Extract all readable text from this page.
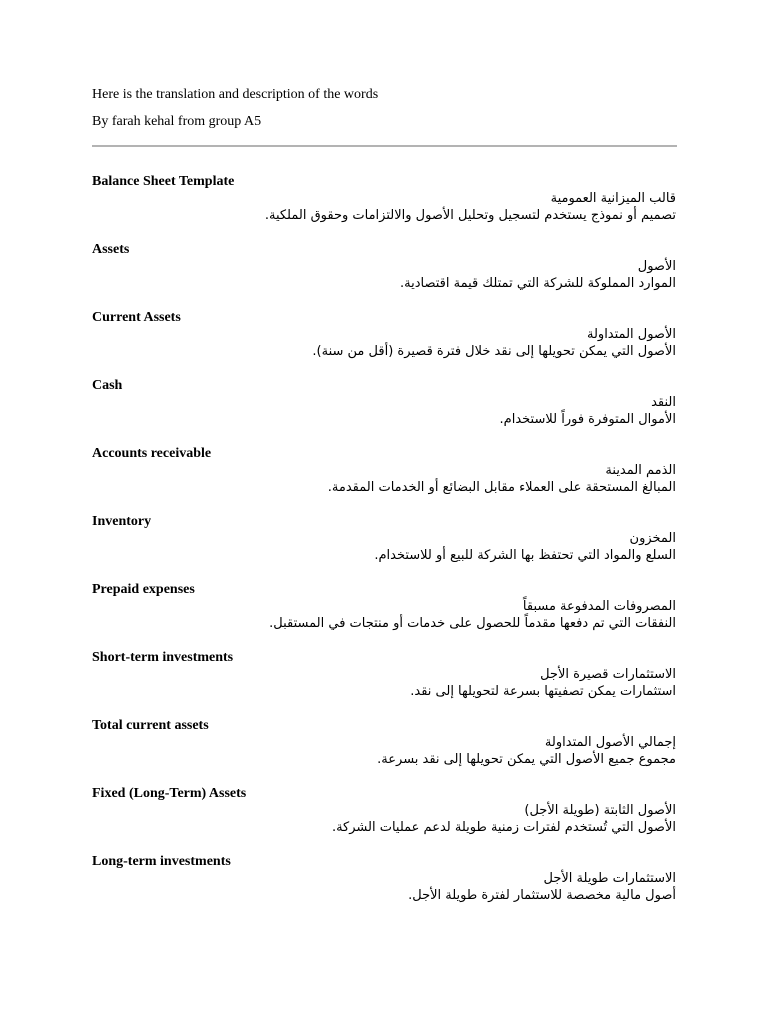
Here is the translation and description of the words

By farah kehal from group A5

Balance Sheet Template
قالب الميزانية العمومية
تصميم أو نموذج يستخدم لتسجيل وتحليل الأصول والالتزامات وحقوق الملكية.
Assets
الأصول
الموارد المملوكة للشركة التي تمتلك قيمة اقتصادية.
Current Assets
الأصول المتداولة
الأصول التي يمكن تحويلها إلى نقد خلال فترة قصيرة (أقل من سنة).
Cash
النقد
الأموال المتوفرة فوراً للاستخدام.
Accounts receivable
الذمم المدينة
المبالغ المستحقة على العملاء مقابل البضائع أو الخدمات المقدمة.
Inventory
المخزون
السلع والمواد التي تحتفظ بها الشركة للبيع أو للاستخدام.
Prepaid expenses
المصروفات المدفوعة مسبقاً
النفقات التي تم دفعها مقدماً للحصول على خدمات أو منتجات في المستقبل.
Short-term investments
الاستثمارات قصيرة الأجل
استثمارات يمكن تصفيتها بسرعة لتحويلها إلى نقد.
Total current assets
إجمالي الأصول المتداولة
مجموع جميع الأصول التي يمكن تحويلها إلى نقد بسرعة.
Fixed (Long-Term) Assets
الأصول الثابتة (طويلة الأجل)
الأصول التي تُستخدم لفترات زمنية طويلة لدعم عمليات الشركة.
Long-term investments
الاستثمارات طويلة الأجل
أصول مالية مخصصة للاستثمار لفترة طويلة الأجل.
